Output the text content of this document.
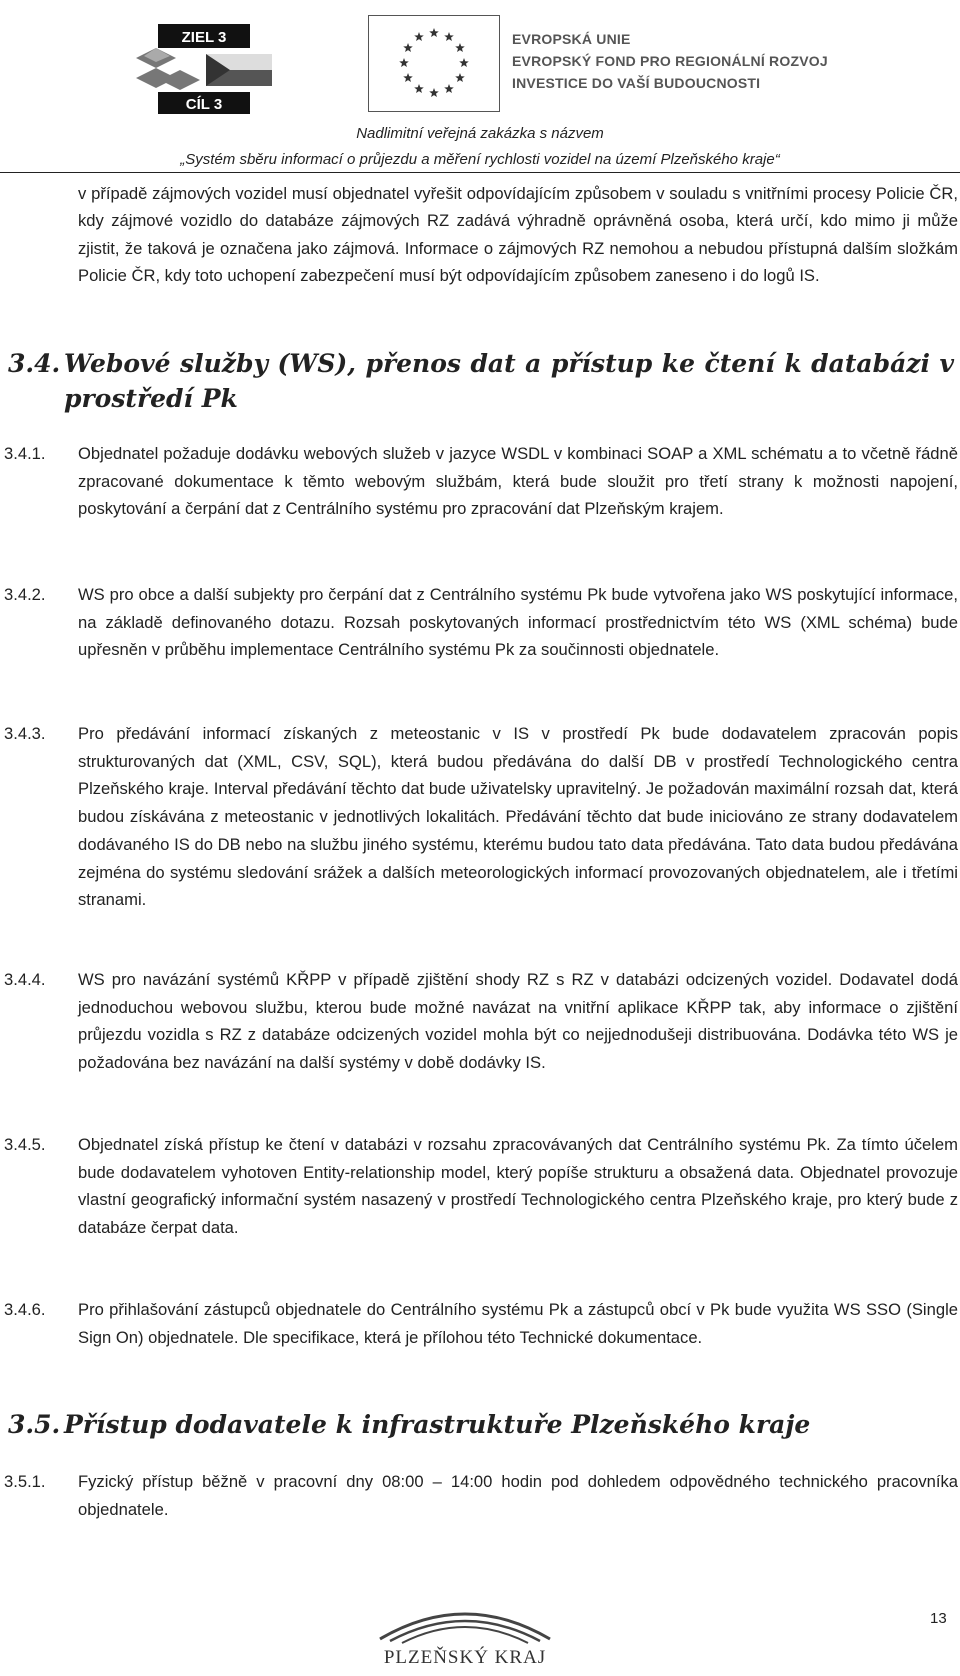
ZIEL 3
CÍL 3
EVROPSKÁ UNIE
EVROPSKÝ FOND PRO REGIONÁLNÍ ROZVOJ
INVESTICE DO VAŠÍ BUDOUCNOSTI
Nadlimitní veřejná zakázka s názvem
„Systém sběru informací o průjezdu a měření rychlosti vozidel na území Plzeňského kraje“

v případě zájmových vozidel musí objednatel vyřešit odpovídajícím způsobem v souladu s vnitřními procesy Policie ČR, kdy zájmové vozidlo do databáze zájmových RZ zadává výhradně oprávněná osoba, která určí, kdo mimo ji může zjistit, že taková je označena jako zájmová. Informace o zájmových RZ nemohou a nebudou přístupná dalším složkám Policie ČR, kdy toto uchopení zabezpečení musí být odpovídajícím způsobem zaneseno i do logů IS.

3.4. Webové služby (WS), přenos dat a přístup ke čtení k databázi v prostředí Pk
3.4.1.	Objednatel požaduje dodávku webových služeb v jazyce WSDL v kombinaci SOAP a XML schématu a to včetně řádně zpracované dokumentace k těmto webovým službám, která bude sloužit pro třetí strany k možnosti napojení, poskytování a čerpání dat z Centrálního systému pro zpracování dat Plzeňským krajem.
3.4.2.	WS pro obce a další subjekty pro čerpání dat z Centrálního systému Pk bude vytvořena jako WS poskytující informace, na základě definovaného dotazu. Rozsah poskytovaných informací prostřednictvím této WS (XML schéma) bude upřesněn v průběhu implementace Centrálního systému Pk za součinnosti objednatele.
3.4.3.	Pro předávání informací získaných z meteostanic v IS v prostředí Pk bude dodavatelem zpracován popis strukturovaných dat (XML, CSV, SQL), která budou předávána do další DB v prostředí Technologického centra Plzeňského kraje. Interval předávání těchto dat bude uživatelsky upravitelný. Je požadován maximální rozsah dat, která budou získávána z meteostanic v jednotlivých lokalitách. Předávání těchto dat bude iniciováno ze strany dodavatelem dodávaného IS do DB nebo na službu jiného systému, kterému budou tato data předávána. Tato data budou předávána zejména do systému sledování srážek a dalších meteorologických informací provozovaných objednatelem, ale i třetími stranami.
3.4.4.	WS pro navázání systémů KŘPP v případě zjištění shody RZ s RZ v databázi odcizených vozidel. Dodavatel dodá jednoduchou webovou službu, kterou bude možné navázat na vnitřní aplikace KŘPP tak, aby informace o zjištění průjezdu vozidla s RZ z databáze odcizených vozidel mohla být co nejjednodušeji distribuována. Dodávka této WS je požadována bez navázání na další systémy v době dodávky IS.
3.4.5.	Objednatel získá přístup ke čtení v databázi v rozsahu zpracovávaných dat Centrálního systému Pk. Za tímto účelem bude dodavatelem vyhotoven Entity-relationship model, který popíše strukturu a obsažená data. Objednatel provozuje vlastní geografický informační systém nasazený v prostředí Technologického centra Plzeňského kraje, pro který bude z databáze čerpat data.
3.4.6.	Pro přihlašování zástupců objednatele do Centrálního systému Pk a zástupců obcí v Pk bude využita WS SSO (Single Sign On) objednatele. Dle specifikace, která je přílohou této Technické dokumentace.
3.5. Přístup dodavatele k infrastruktuře Plzeňského kraje
3.5.1.	Fyzický přístup běžně v pracovní dny 08:00 – 14:00 hodin pod dohledem odpovědného technického pracovníka objednatele.
13
PLZEŇSKÝ KRAJ
